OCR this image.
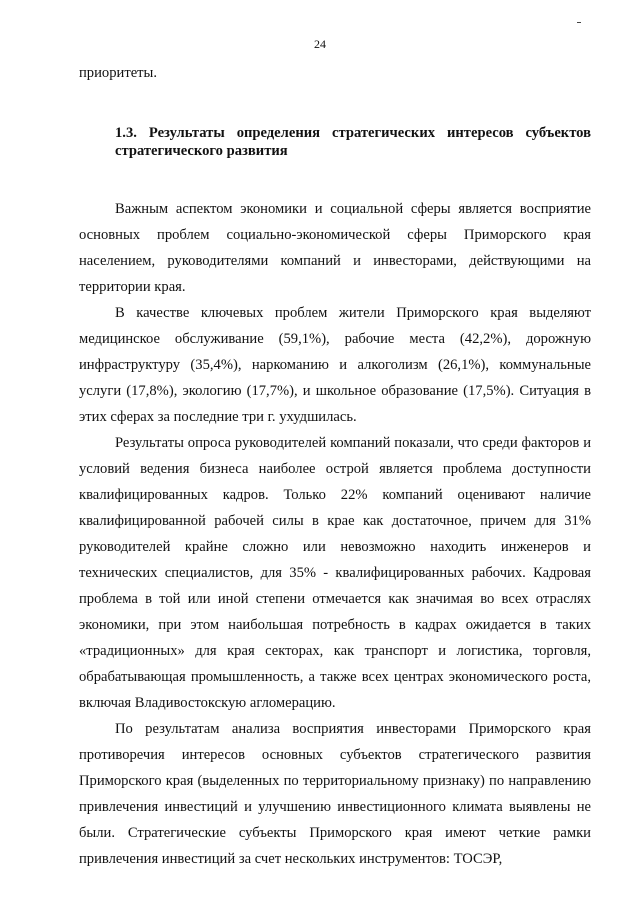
24

приоритеты.

1.3. Результаты определения стратегических интересов субъектов стратегического развития

Важным аспектом экономики и социальной сферы является восприятие основных проблем социально-экономической сферы Приморского края населением, руководителями компаний и инвесторами, действующими на территории края.

В качестве ключевых проблем жители Приморского края выделяют медицинское обслуживание (59,1%), рабочие места (42,2%), дорожную инфраструктуру (35,4%), наркоманию и алкоголизм (26,1%), коммунальные услуги (17,8%), экологию (17,7%), и школьное образование (17,5%). Ситуация в этих сферах за последние три г. ухудшилась.

Результаты опроса руководителей компаний показали, что среди факторов и условий ведения бизнеса наиболее острой является проблема доступности квалифицированных кадров. Только 22% компаний оценивают наличие квалифицированной рабочей силы в крае как достаточное, причем для 31% руководителей крайне сложно или невозможно находить инженеров и технических специалистов, для 35% - квалифицированных рабочих. Кадровая проблема в той или иной степени отмечается как значимая во всех отраслях экономики, при этом наибольшая потребность в кадрах ожидается в таких «традиционных» для края секторах, как транспорт и логистика, торговля, обрабатывающая промышленность, а также всех центрах экономического роста, включая Владивостокскую агломерацию.

По результатам анализа восприятия инвесторами Приморского края противоречия интересов основных субъектов стратегического развития Приморского края (выделенных по территориальному признаку) по направлению привлечения инвестиций и улучшению инвестиционного климата выявлены не были. Стратегические субъекты Приморского края имеют четкие рамки привлечения инвестиций за счет нескольких инструментов: ТОСЭР,
